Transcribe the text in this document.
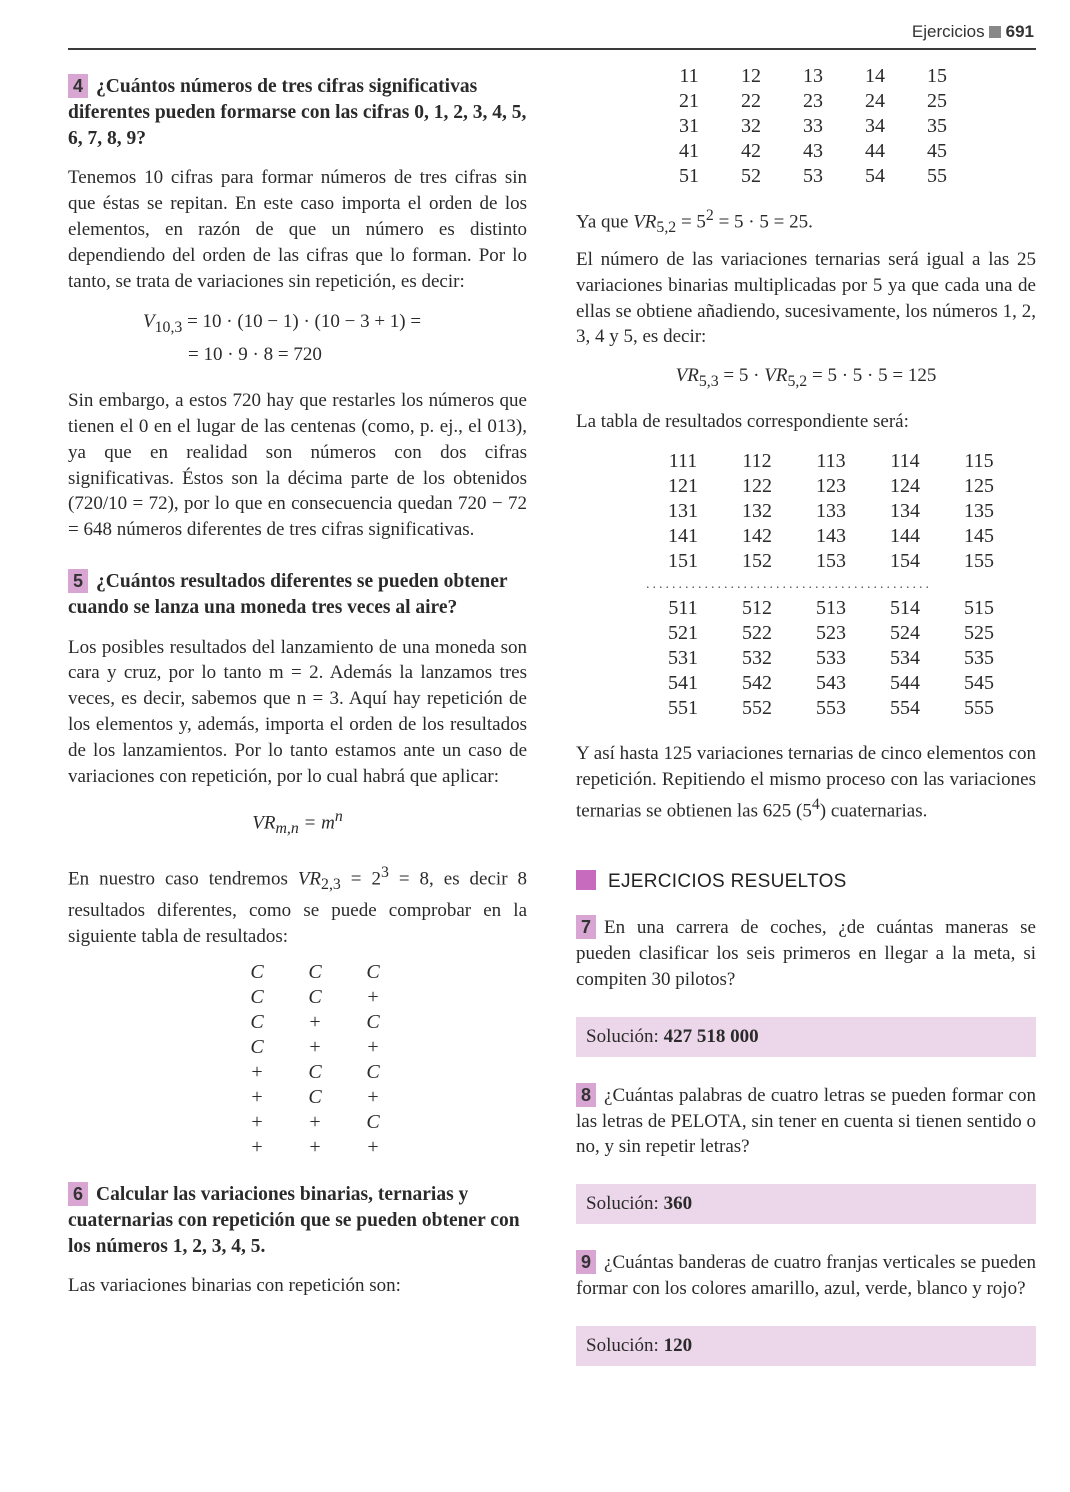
Ejercicios 691

4 ¿Cuántos números de tres cifras significativas diferentes pueden formarse con las cifras 0, 1, 2, 3, 4, 5, 6, 7, 8, 9?

Tenemos 10 cifras para formar números de tres cifras sin que éstas se repitan. En este caso importa el orden de los elementos, en razón de que un número es distinto dependiendo del orden de las cifras que lo forman. Por lo tanto, se trata de variaciones sin repetición, es decir:

$V_{10,3} = 10 \cdot (10 - 1) \cdot (10 - 3 + 1)$ =
= 10 · 9 · 8 = 720

Sin embargo, a estos 720 hay que restarles los números que tienen el 0 en el lugar de las centenas (como, p. ej., el 013), ya que en realidad son números con dos cifras significativas. Éstos son la décima parte de los obtenidos (720/10 = 72), por lo que en consecuencia quedan 720 − 72 = 648 números diferentes de tres cifras significativas.

5 ¿Cuántos resultados diferentes se pueden obtener cuando se lanza una moneda tres veces al aire?

Los posibles resultados del lanzamiento de una moneda son cara y cruz, por lo tanto m = 2. Además la lanzamos tres veces, es decir, sabemos que n = 3. Aquí hay repetición de los elementos y, además, importa el orden de los resultados de los lanzamientos. Por lo tanto estamos ante un caso de variaciones con repetición, por lo cual habrá que aplicar:

$VR_{m,n} = m^n$

En nuestro caso tendremos $VR_{2,3} = 2^3 = 8$, es decir 8 resultados diferentes, como se puede comprobar en la siguiente tabla de resultados:

C	C	C
C	C	+
C	+	C
C	+	+
+	C	C
+	C	+
+	+	C
+	+	+

6 Calcular las variaciones binarias, ternarias y cuaternarias con repetición que se pueden obtener con los números 1, 2, 3, 4, 5.

Las variaciones binarias con repetición son:

11	12	13	14	15
21	22	23	24	25
31	32	33	34	35
41	42	43	44	45
51	52	53	54	55

Ya que $VR_{5,2} = 5^2 = 5 \cdot 5 = 25$.

El número de las variaciones ternarias será igual a las 25 variaciones binarias multiplicadas por 5 ya que cada una de ellas se obtiene añadiendo, sucesivamente, los números 1, 2, 3, 4 y 5, es decir:

$VR_{5,3} = 5 \cdot VR_{5,2} = 5 \cdot 5 \cdot 5 = 125$

La tabla de resultados correspondiente será:

111	112	113	114	115
121	122	123	124	125
131	132	133	134	135
141	142	143	144	145
151	152	153	154	155
............................................
511	512	513	514	515
521	522	523	524	525
531	532	533	534	535
541	542	543	544	545
551	552	553	554	555

Y así hasta 125 variaciones ternarias de cinco elementos con repetición. Repitiendo el mismo proceso con las variaciones ternarias se obtienen las 625 $(5^4)$ cuaternarias.

EJERCICIOS RESUELTOS

7 En una carrera de coches, ¿de cuántas maneras se pueden clasificar los seis primeros en llegar a la meta, si compiten 30 pilotos?

Solución: 427 518 000

8 ¿Cuántas palabras de cuatro letras se pueden formar con las letras de PELOTA, sin tener en cuenta si tienen sentido o no, y sin repetir letras?

Solución: 360

9 ¿Cuántas banderas de cuatro franjas verticales se pueden formar con los colores amarillo, azul, verde, blanco y rojo?

Solución: 120
